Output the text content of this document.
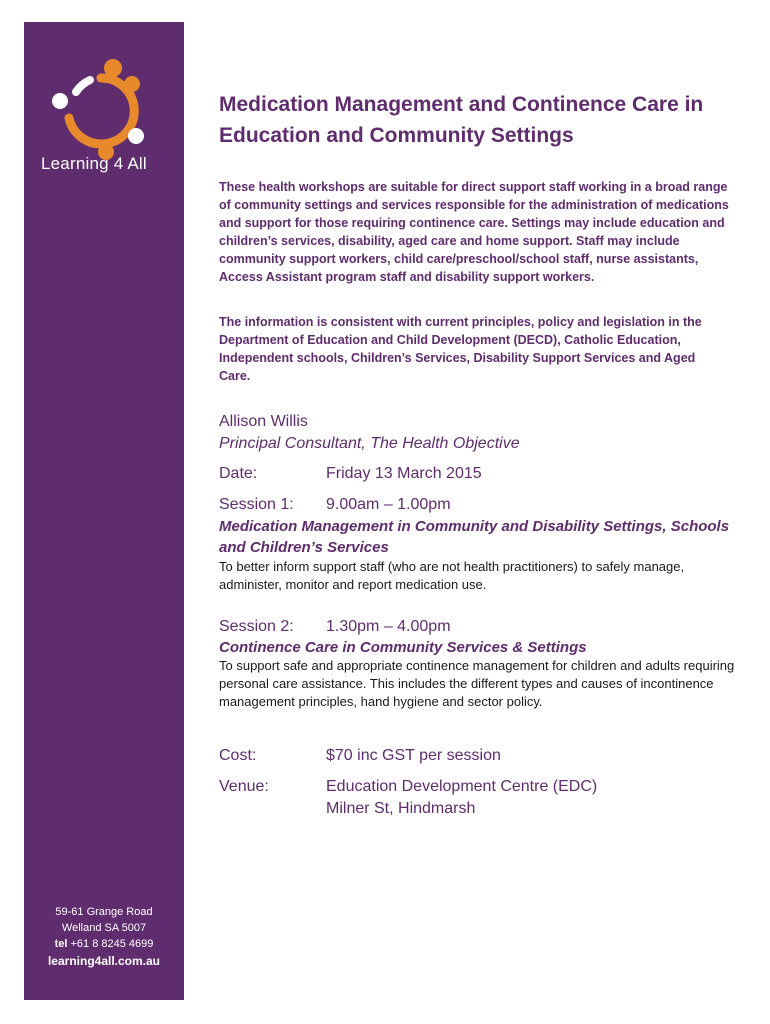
Learning 4 All
59-61 Grange Road
Welland SA 5007
tel +61 8 8245 4699
learning4all.com.au
Medication Management and Continence Care in Education and Community Settings

These health workshops are suitable for direct support staff working in a broad range of community settings and services responsible for the administration of medications and support for those requiring continence care. Settings may include education and children’s services, disability, aged care and home support. Staff may include community support workers, child care/preschool/school staff, nurse assistants, Access Assistant program staff and disability support workers.

The information is consistent with current principles, policy and legislation in the Department of Education and Child Development (DECD), Catholic Education, Independent schools, Children’s Services, Disability Support Services and Aged Care.

Allison Willis
Principal Consultant, The Health Objective
Date:	Friday 13 March 2015
Session 1: 9.00am – 1.00pm

Medication Management in Community and Disability Settings, Schools and Children’s Services

To better inform support staff (who are not health practitioners) to safely manage, administer, monitor and report medication use.

Session 2: 1.30pm – 4.00pm

Continence Care in Community Services & Settings

To support safe and appropriate continence management for children and adults requiring personal care assistance. This includes the different types and causes of incontinence management principles, hand hygiene and sector policy.

Cost:	$70 inc GST per session
Venue:	Education Development Centre (EDC)
Milner St, Hindmarsh
